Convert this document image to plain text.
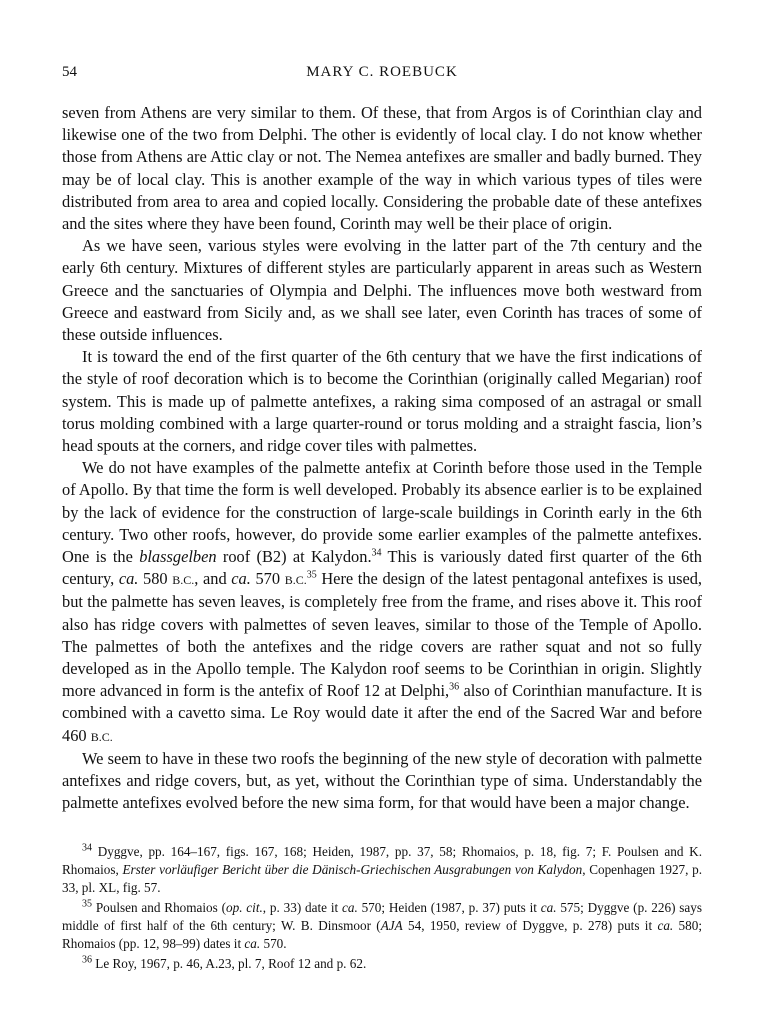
54	MARY C. ROEBUCK

seven from Athens are very similar to them. Of these, that from Argos is of Corinthian clay and likewise one of the two from Delphi. The other is evidently of local clay. I do not know whether those from Athens are Attic clay or not. The Nemea antefixes are smaller and badly burned. They may be of local clay. This is another example of the way in which various types of tiles were distributed from area to area and copied locally. Considering the probable date of these antefixes and the sites where they have been found, Corinth may well be their place of origin.

As we have seen, various styles were evolving in the latter part of the 7th century and the early 6th century. Mixtures of different styles are particularly apparent in areas such as Western Greece and the sanctuaries of Olympia and Delphi. The influences move both westward from Greece and eastward from Sicily and, as we shall see later, even Corinth has traces of some of these outside influences.

It is toward the end of the first quarter of the 6th century that we have the first indications of the style of roof decoration which is to become the Corinthian (originally called Megarian) roof system. This is made up of palmette antefixes, a raking sima composed of an astragal or small torus molding combined with a large quarter-round or torus molding and a straight fascia, lion’s head spouts at the corners, and ridge cover tiles with palmettes.

We do not have examples of the palmette antefix at Corinth before those used in the Temple of Apollo. By that time the form is well developed. Probably its absence earlier is to be explained by the lack of evidence for the construction of large-scale buildings in Corinth early in the 6th century. Two other roofs, however, do provide some earlier examples of the palmette antefixes. One is the blassgelben roof (B2) at Kalydon.$^{34}$ This is variously dated first quarter of the 6th century, ca. 580 B.C., and ca. 570 B.C.$^{35}$ Here the design of the latest pentagonal antefixes is used, but the palmette has seven leaves, is completely free from the frame, and rises above it. This roof also has ridge covers with palmettes of seven leaves, similar to those of the Temple of Apollo. The palmettes of both the antefixes and the ridge covers are rather squat and not so fully developed as in the Apollo temple. The Kalydon roof seems to be Corinthian in origin. Slightly more advanced in form is the antefix of Roof 12 at Delphi,$^{36}$ also of Corinthian manufacture. It is combined with a cavetto sima. Le Roy would date it after the end of the Sacred War and before 460 B.C.

We seem to have in these two roofs the beginning of the new style of decoration with palmette antefixes and ridge covers, but, as yet, without the Corinthian type of sima. Understandably the palmette antefixes evolved before the new sima form, for that would have been a major change.

$^{34}$ Dyggve, pp. 164–167, figs. 167, 168; Heiden, 1987, pp. 37, 58; Rhomaios, p. 18, fig. 7; F. Poulsen and K. Rhomaios, Erster vorläufiger Bericht über die Dänisch-Griechischen Ausgrabungen von Kalydon, Copenhagen 1927, p. 33, pl. XL, fig. 57.

$^{35}$ Poulsen and Rhomaios (op. cit., p. 33) date it ca. 570; Heiden (1987, p. 37) puts it ca. 575; Dyggve (p. 226) says middle of first half of the 6th century; W. B. Dinsmoor (AJA 54, 1950, review of Dyggve, p. 278) puts it ca. 580; Rhomaios (pp. 12, 98–99) dates it ca. 570.

$^{36}$ Le Roy, 1967, p. 46, A.23, pl. 7, Roof 12 and p. 62.
